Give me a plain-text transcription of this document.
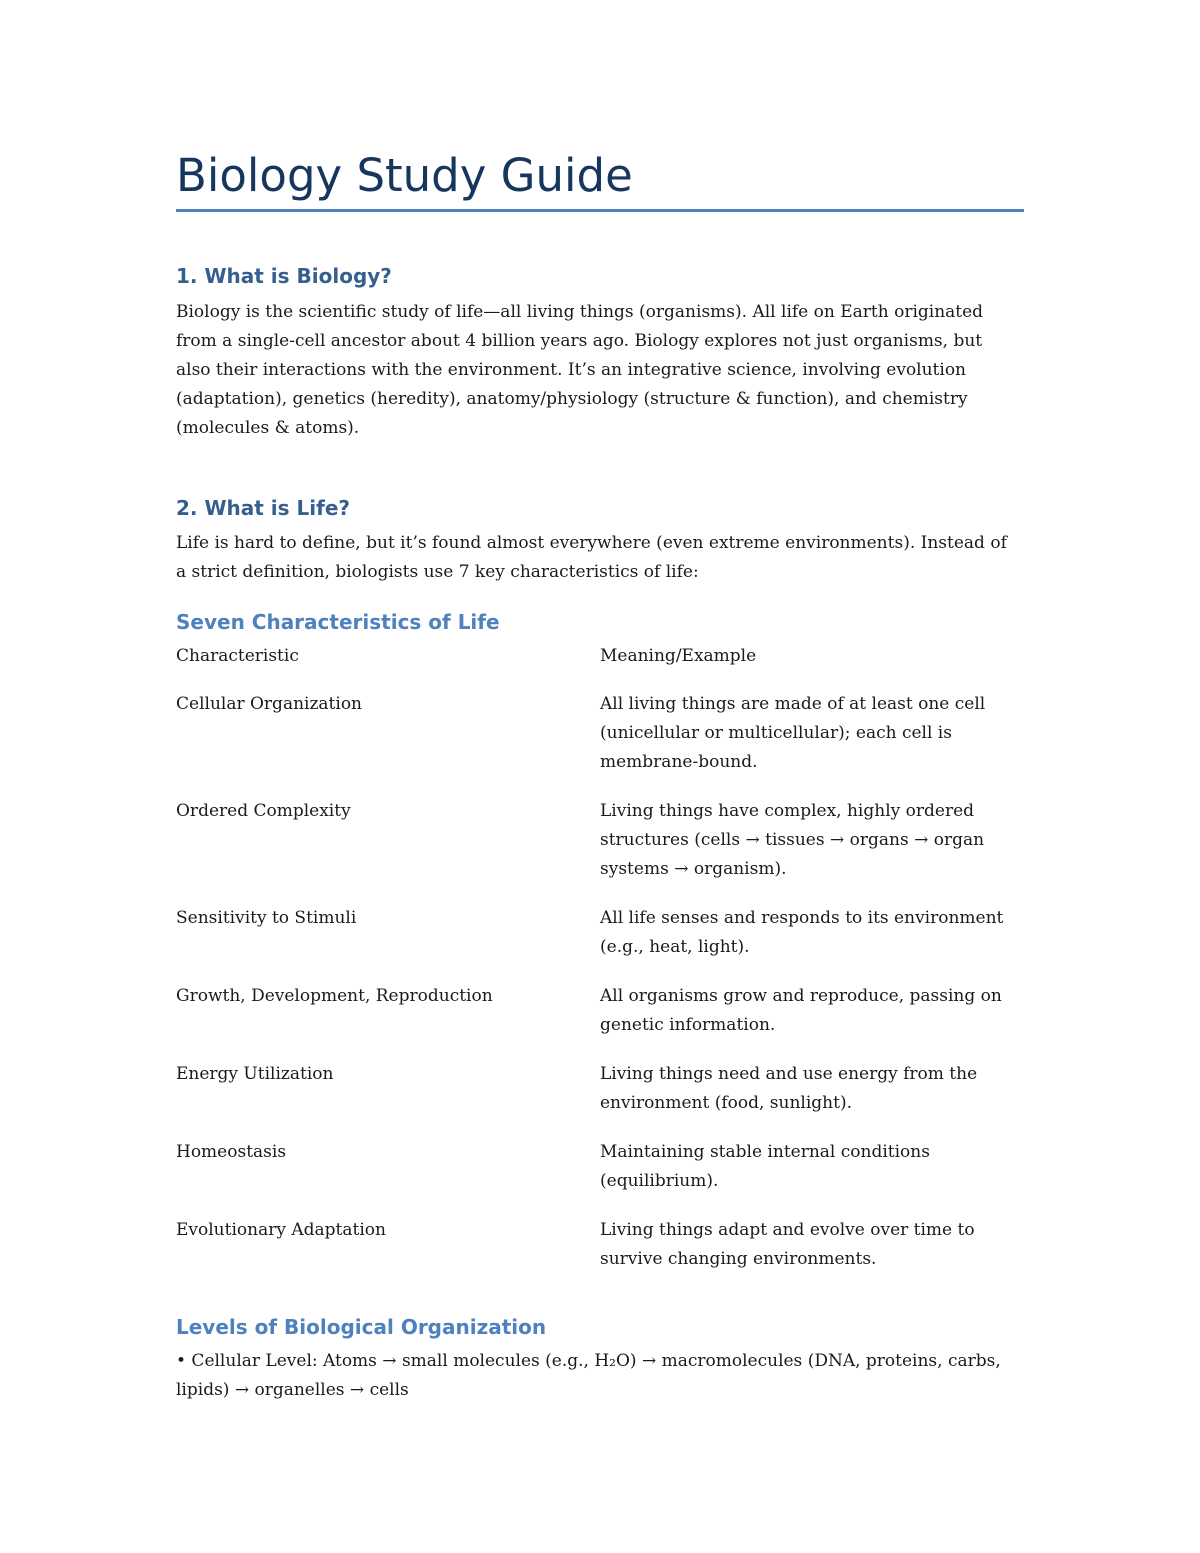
Biology Study Guide
1. What is Biology?

Biology is the scientific study of life—all living things (organisms). All life on Earth originated from a single-cell ancestor about 4 billion years ago. Biology explores not just organisms, but also their interactions with the environment. It’s an integrative science, involving evolution (adaptation), genetics (heredity), anatomy/physiology (structure & function), and chemistry (molecules & atoms).

2. What is Life?

Life is hard to define, but it’s found almost everywhere (even extreme environments). Instead of a strict definition, biologists use 7 key characteristics of life:

Seven Characteristics of Life
Characteristic	Meaning/Example
Cellular Organization	All living things are made of at least one cell (unicellular or multicellular); each cell is membrane-bound.
Ordered Complexity	Living things have complex, highly ordered structures (cells → tissues → organs → organ systems → organism).
Sensitivity to Stimuli	All life senses and responds to its environment (e.g., heat, light).
Growth, Development, Reproduction	All organisms grow and reproduce, passing on genetic information.
Energy Utilization	Living things need and use energy from the environment (food, sunlight).
Homeostasis	Maintaining stable internal conditions (equilibrium).
Evolutionary Adaptation	Living things adapt and evolve over time to survive changing environments.
Levels of Biological Organization

• Cellular Level: Atoms → small molecules (e.g., H₂O) → macromolecules (DNA, proteins, carbs, lipids) → organelles → cells
